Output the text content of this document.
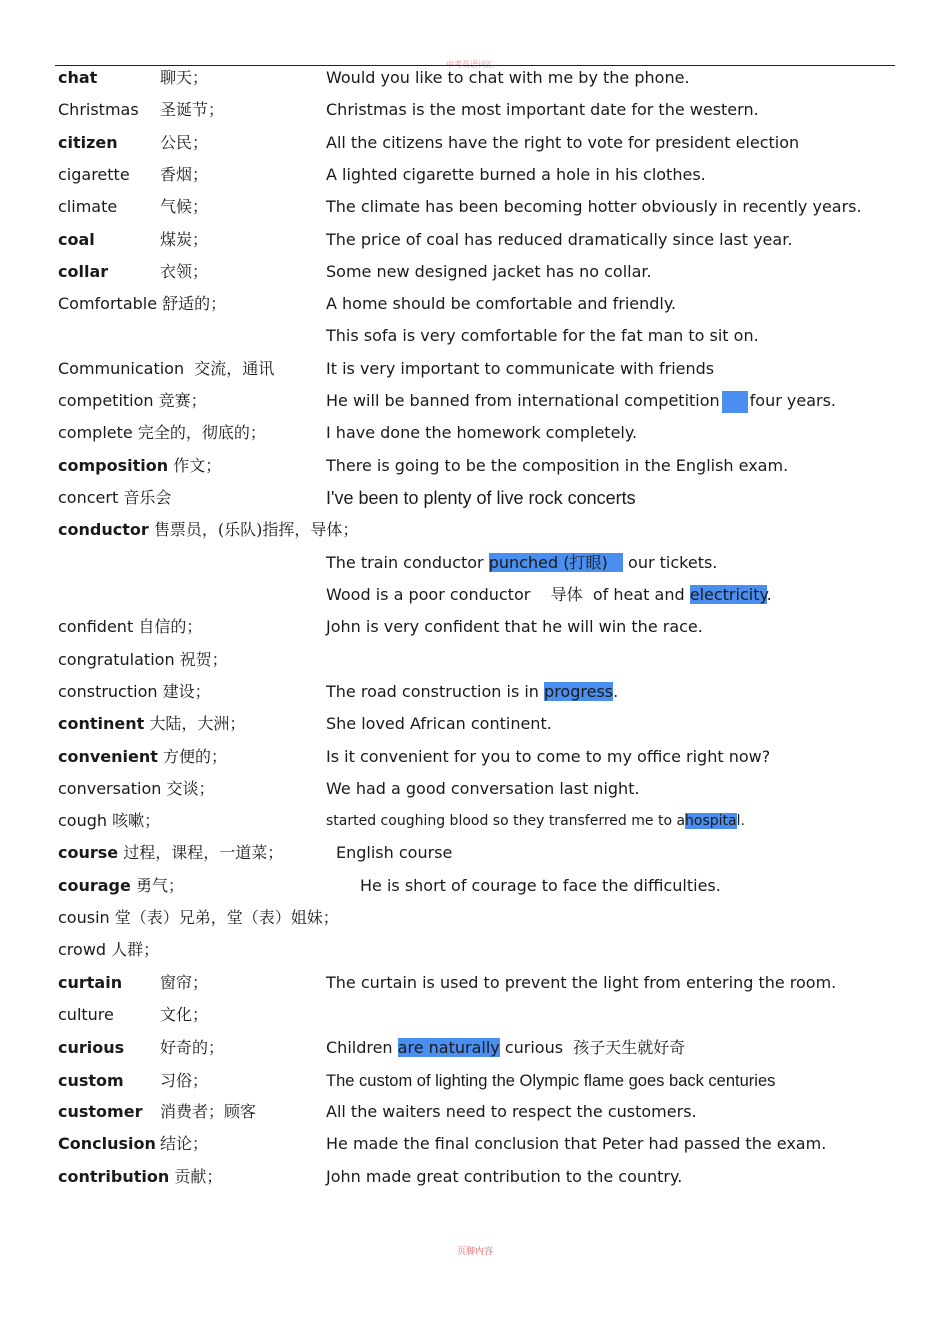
中考英语词汇
chat	聊天；	Would you like to chat with me by the phone.
Christmas 圣诞节；	Christmas is the most important date for the western.
citizen	公民；	All the citizens have the right to vote for president election
cigarette 香烟；	A lighted cigarette burned a hole in his clothes.
climate	气候；	The climate has been becoming hotter obviously in recently years.
coal	煤炭；	The price of coal has reduced dramatically since last year.
collar	衣领；	Some new designed jacket has no collar.
Comfortable 舒适的；	A home should be comfortable and friendly.
This sofa is very comfortable for the fat man to sit on.
Communication 交流，通讯	It is very important to communicate with friends
competition 竞赛；	He will be banned from international competition four years.
complete 完全的，彻底的；	I have done the homework completely.
composition 作文；	There is going to be the composition in the English exam.
concert 音乐会	I've been to plenty of live rock concerts
conductor 售票员，(乐队)指挥，导体；
The train conductor punched (打眼) our tickets.
Wood is a poor conductor 导体 of heat and electricity.
confident 自信的；	John is very confident that he will win the race.
congratulation 祝贺；
construction 建设；	The road construction is in progress.
continent 大陆，大洲；	She loved African continent.
convenient 方便的；	Is it convenient for you to come to my office right now?
conversation 交谈；	We had a good conversation last night.
cough 咳嗽；	started coughing blood so they transferred me to ahospital.
course 过程，课程，一道菜；	English course
courage 勇气；	He is short of courage to face the difficulties.
cousin 堂（表）兄弟，堂（表）姐妹；
crowd 人群；
curtain 窗帘；	The curtain is used to prevent the light from entering the room.
culture	文化；
curious 好奇的；	Children are naturally curious 孩子天生就好奇
custom 习俗；	The custom of lighting the Olympic flame goes back centuries
customer 消费者；顾客	All the waiters need to respect the customers.
Conclusion 结论；	He made the final conclusion that Peter had passed the exam.
contribution 贡献；	John made great contribution to the country.
页脚内容
